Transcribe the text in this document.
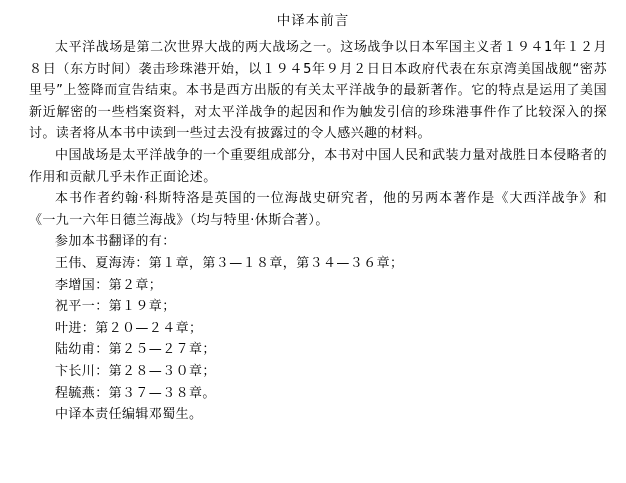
中译本前言

太平洋战场是第二次世界大战的两大战场之一。这场战争以日本军国主义者１９４1年１２月８日（东方时间）袭击珍珠港开始，以１９４5年９月２日日本政府代表在东京湾美国战舰“密苏里号”上签降而宣告结束。本书是西方出版的有关太平洋战争的最新著作。它的特点是运用了美国新近解密的一些档案资料，对太平洋战争的起因和作为触发引信的珍珠港事件作了比较深入的探讨。读者将从本书中读到一些过去没有披露过的令人感兴趣的材料。

中国战场是太平洋战争的一个重要组成部分，本书对中国人民和武装力量对战胜日本侵略者的作用和贡献几乎未作正面论述。

本书作者约翰·科斯特洛是英国的一位海战史研究者，他的另两本著作是《大西洋战争》和《一九一六年日德兰海战》（均与特里·休斯合著）。

参加本书翻译的有：

王伟、夏海涛：第１章，第３—１８章，第３４—３６章；

李增国：第２章；

祝平一：第１９章；

叶进：第２０—２４章；

陆幼甫：第２５—２７章；

卞长川：第２８—３０章；

程毓燕：第３７—３８章。

中译本责任编辑邓蜀生。
